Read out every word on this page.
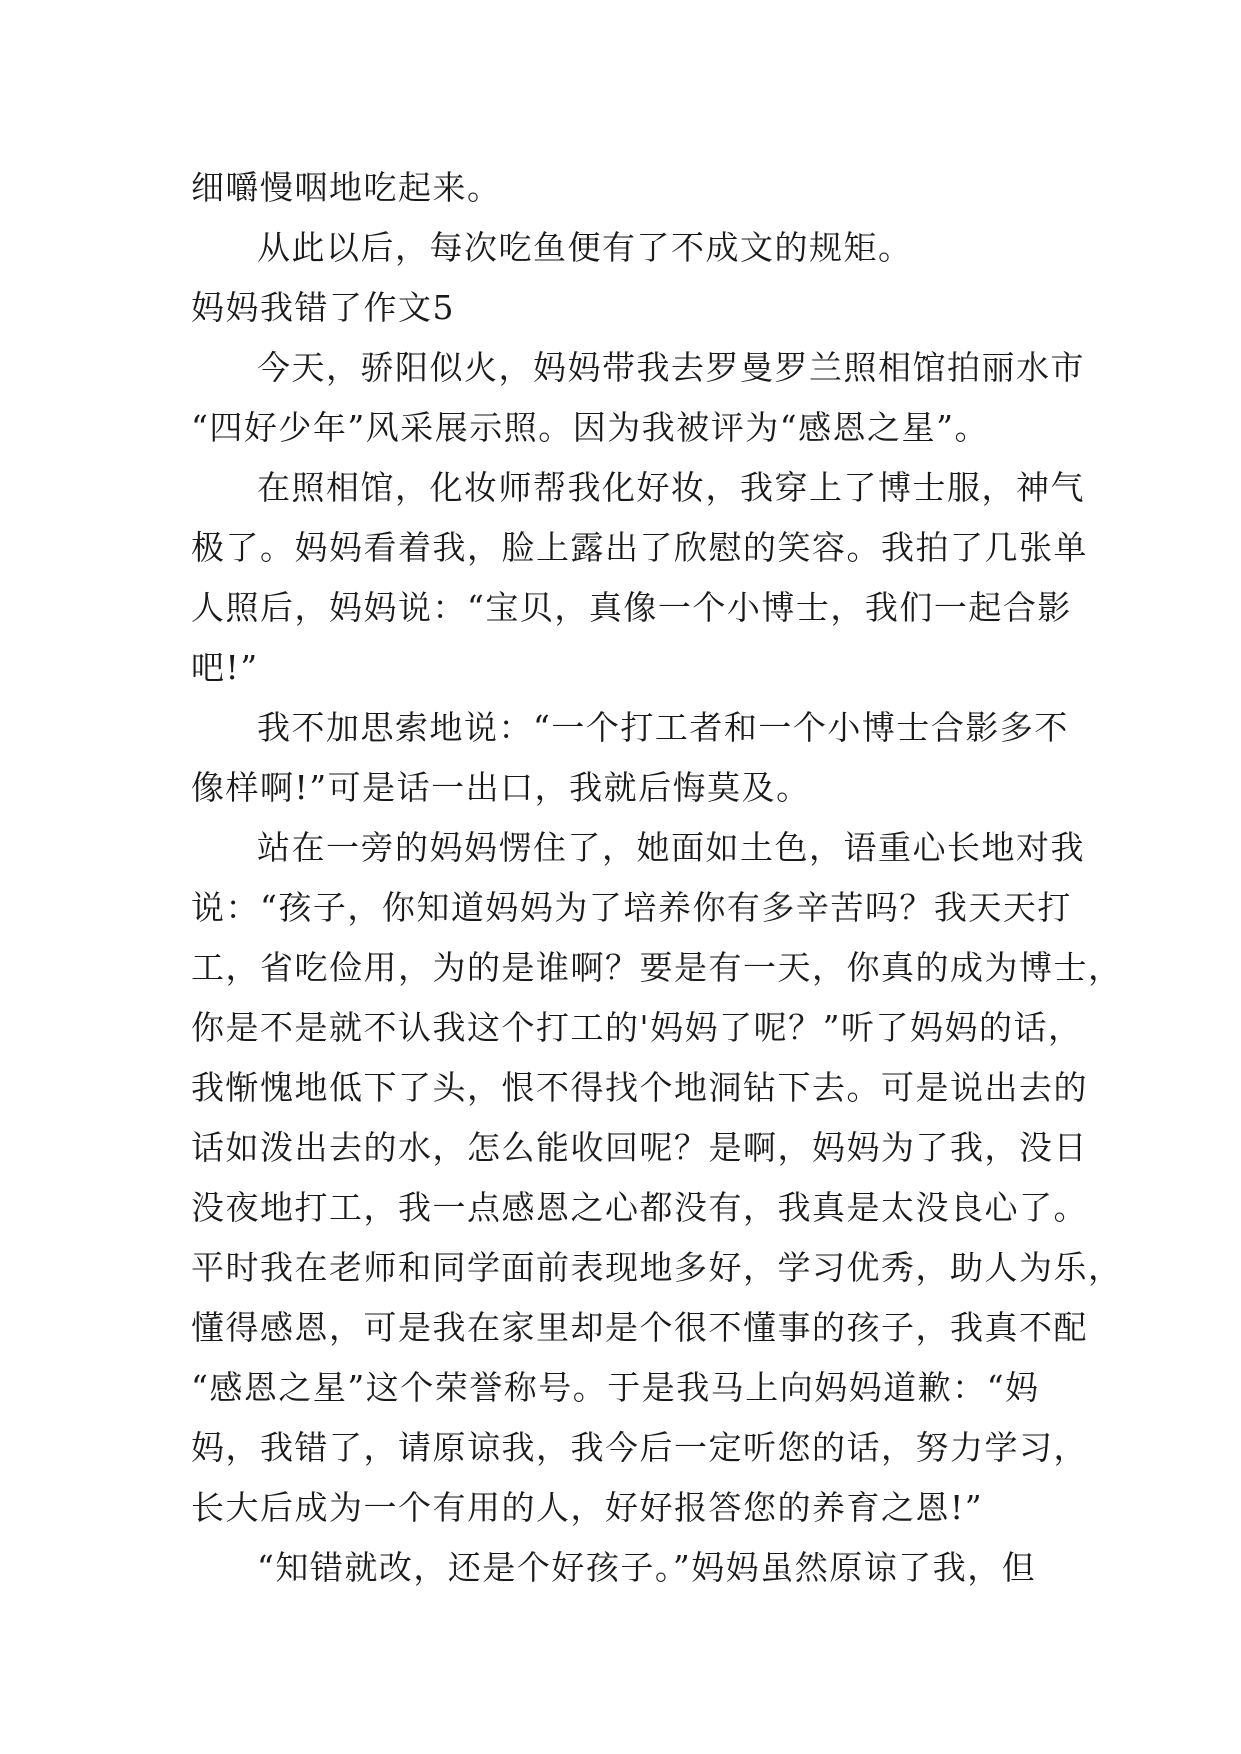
细嚼慢咽地吃起来。
从此以后，每次吃鱼便有了不成文的规矩。
妈妈我错了作文5
今天，骄阳似火，妈妈带我去罗曼罗兰照相馆拍丽水市
“四好少年”风采展示照。因为我被评为“感恩之星”。
在照相馆，化妆师帮我化好妆，我穿上了博士服，神气
极了。妈妈看着我，脸上露出了欣慰的笑容。我拍了几张单
人照后，妈妈说：“宝贝，真像一个小博士，我们一起合影
吧!”
我不加思索地说：“一个打工者和一个小博士合影多不
像样啊!”可是话一出口，我就后悔莫及。
站在一旁的妈妈愣住了，她面如土色，语重心长地对我
说：“孩子，你知道妈妈为了培养你有多辛苦吗？我天天打
工，省吃俭用，为的是谁啊？要是有一天，你真的成为博士，
你是不是就不认我这个打工的'妈妈了呢？”听了妈妈的话，
我惭愧地低下了头，恨不得找个地洞钻下去。可是说出去的
话如泼出去的水，怎么能收回呢？是啊，妈妈为了我，没日
没夜地打工，我一点感恩之心都没有，我真是太没良心了。
平时我在老师和同学面前表现地多好，学习优秀，助人为乐，
懂得感恩，可是我在家里却是个很不懂事的孩子，我真不配
“感恩之星”这个荣誉称号。于是我马上向妈妈道歉：“妈
妈，我错了，请原谅我，我今后一定听您的话，努力学习，
长大后成为一个有用的人，好好报答您的养育之恩!”
“知错就改，还是个好孩子。”妈妈虽然原谅了我，但
